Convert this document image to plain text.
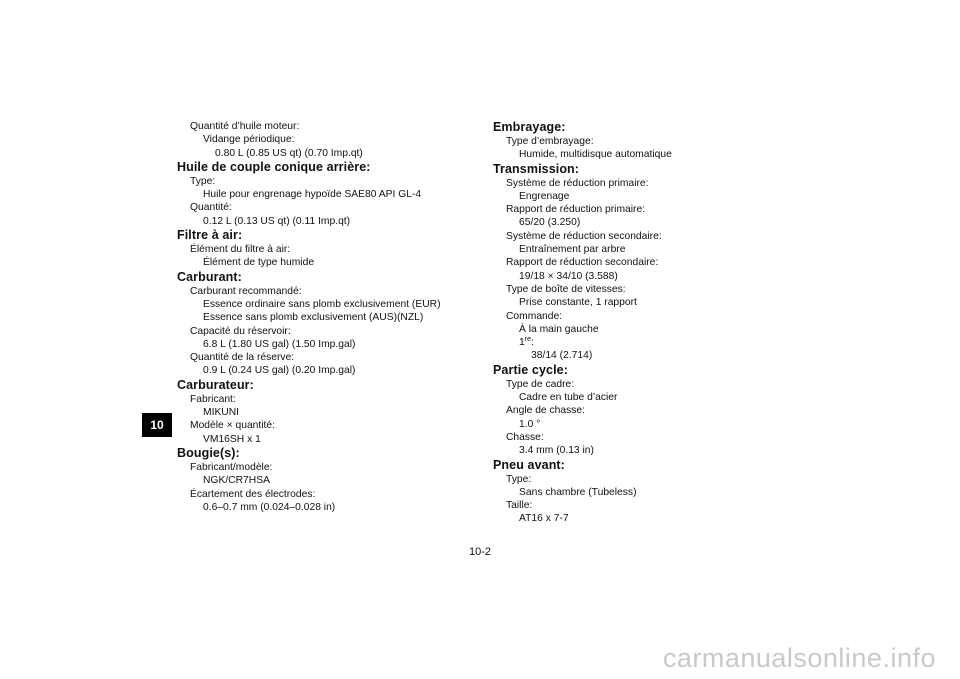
10
Quantité d’huile moteur:
Vidange périodique:
0.80 L (0.85 US qt) (0.70 Imp.qt)
Huile de couple conique arrière:
Type:
Huile pour engrenage hypoïde SAE80 API GL-4
Quantité:
0.12 L (0.13 US qt) (0.11 Imp.qt)
Filtre à air:
Élément du filtre à air:
Élément de type humide
Carburant:
Carburant recommandé:
Essence ordinaire sans plomb exclusivement (EUR)
Essence sans plomb exclusivement (AUS)(NZL)
Capacité du réservoir:
6.8 L (1.80 US gal) (1.50 Imp.gal)
Quantité de la réserve:
0.9 L (0.24 US gal) (0.20 Imp.gal)
Carburateur:
Fabricant:
MIKUNI
Modèle × quantité:
VM16SH x 1
Bougie(s):
Fabricant/modèle:
NGK/CR7HSA
Écartement des électrodes:
0.6–0.7 mm (0.024–0.028 in)
Embrayage:
Type d’embrayage:
Humide, multidisque automatique
Transmission:
Système de réduction primaire:
Engrenage
Rapport de réduction primaire:
65/20 (3.250)
Système de réduction secondaire:
Entraînement par arbre
Rapport de réduction secondaire:
19/18 × 34/10 (3.588)
Type de boîte de vitesses:
Prise constante, 1 rapport
Commande:
À la main gauche
1re:
38/14 (2.714)
Partie cycle:
Type de cadre:
Cadre en tube d’acier
Angle de chasse:
1.0 °
Chasse:
3.4 mm (0.13 in)
Pneu avant:
Type:
Sans chambre (Tubeless)
Taille:
AT16 x 7-7
10-2
carmanualsonline.info
